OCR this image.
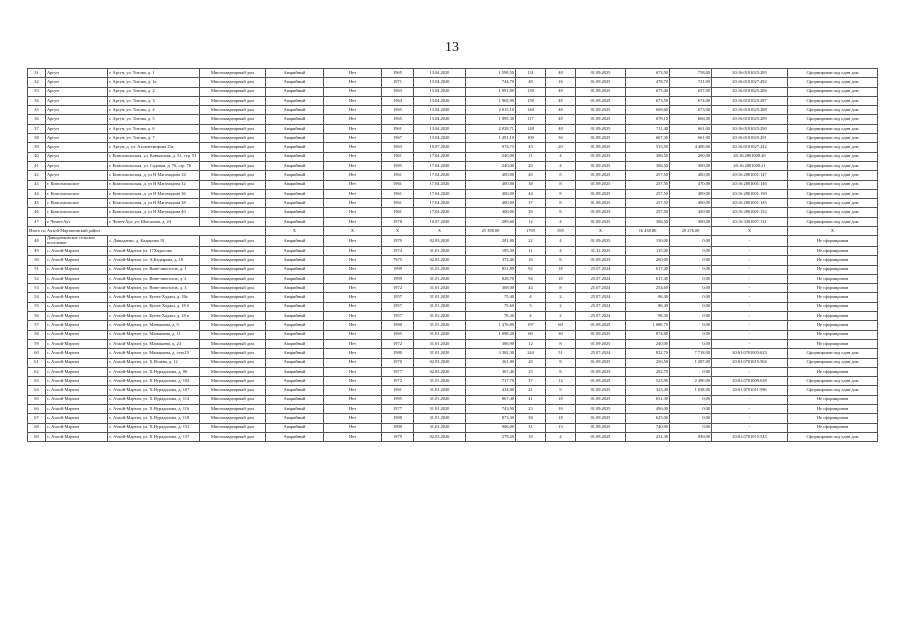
13
31	Аргун	г. Аргун, ул. Титова, д. 1	Многоквартирный дом	Аварийный	Нет	1965	13.04.2020	1 590,50	131	48	01.09.2025	673,50	758,00	20:16:0101025:285	Сформирован под один дом
32	Аргун	г. Аргун, ул. Титова, д. 1а	Многоквартирный дом	Аварийный	Нет	1971	13.04.2020	744,70	48	16	01.09.2025	478,70	721,00	20:16:0101027:492	Сформирован под один дом
33	Аргун	г. Аргун, ул. Титова, д. 2	Многоквартирный дом	Аварийный	Нет	1963	13.04.2020	1 991,80	130	48	01.09.2025	675,40	657,00	20:16:0101025:286	Сформирован под один дом
34	Аргун	г. Аргун, ул. Титова, д. 3	Многоквартирный дом	Аварийный	Нет	1964	13.04.2020	1 965,90	158	48	01.09.2025	673,50	674,00	20:16:0101025:287	Сформирован под один дом
35	Аргун	г. Аргун, ул. Титова, д. 4	Многоквартирный дом	Аварийный	Нет	1965	13.04.2020	2 015,10	140	48	01.09.2025	669,60	673,00	20:16:0101025:288	Сформирован под один дом
36	Аргун	г. Аргун, ул. Титова, д. 5	Многоквартирный дом	Аварийный	Нет	1965	13.04.2020	1 895,30	117	48	01.09.2025	678,10	666,00	20:16:0101025:289	Сформирован под один дом
37	Аргун	г. Аргун, ул. Титова, д. 6	Многоквартирный дом	Аварийный	Нет	1961	13.04.2020	2 029,71	148	48	01.09.2025	711,40	661,00	20:16:0101025:290	Сформирован под один дом
38	Аргун	г. Аргун, ул. Титова, д. 7	Многоквартирный дом	Аварийный	Нет	1967	13.04.2020	1 491,10	109	36	01.09.2025	667,30	661,00	20:16:0101025:291	Сформирован под один дом
39	Аргун	г. Аргун, д. ул. Ахсаитемирова 23е	Многоквартирный дом	Аварийный	Нет	1963	10.07.2020	974,73	45	20	01.09.2025	515,50	4 400,00	20:16:0101027:242	Сформирован под один дом
40	Аргун	г. Комсомольская, ул. Кавказская, д. 51, стр. 51	Многоквартирный дом	Аварийный	Нет	1961	17.04.2020	240,00	11	4	01.09.2025	306,50	200,00	20:16:2801008:20	Сформирован под один дом
41	Аргун	г. Комсомольская, ул. Садовая, д. 76, стр. 76	Многоквартирный дом	Аварийный	Нет	1985	17.04.2020	240,00	20	4	01.09.2025	306,50	300,00	20:16:2801008:21	Сформирован под один дом
42	Аргун	г. Комсомольская, д. ул Н Магомадова 34	Многоквартирный дом	Аварийный	Нет	1961	17.04.2020	400,00	40	8	01.09.2025	257,50	400,00	20:16:2801001:147	Сформирован под один дом
43	г. Комсомольское	г. Комсомольская, д. ул Н Магомадова 32	Многоквартирный дом	Аварийный	Нет	1961	17.04.2020	400,00	38	8	01.09.2025	257,50	470,00	20:16:2801001:146	Сформирован под один дом
44	г. Комсомольское	г. Комсомольская, д. ул Н Магомадова 36	Многоквартирный дом	Аварийный	Нет	1961	17.04.2020	400,00	44	8	01.09.2025	257,50	400,00	20:16:2801001:150	Сформирован под один дом
45	г. Комсомольское	г. Комсомольская, д. ул Н Магомадова 38	Многоквартирный дом	Аварийный	Нет	1961	17.04.2020	400,00	37	8	01.09.2025	257,50	400,00	20:16:2801001:145	Сформирован под один дом
46	г. Комсомольское	г. Комсомольская, д. ул Н Магомадова 40	Многоквартирный дом	Аварийный	Нет	1961	17.04.2020	400,00	39	8	01.09.2025	257,50	450,00	20:16:2801001:152	Сформирован под один дом
47	г. Чечен-Аул	г. Чечен-Аул, ул. Школьная, д. 24	Многоквартирный дом	Аварийный	Нет	1978	10.07.2020	289,60	12	4	01.09.2025	306,50	300,00	20:16:3301007:131	Сформирован под один дом
Итого по Ачхой-Мартановский район				X	X	X	X	25 398,00	1705	595	X	16 438,80	20 276,00	X	X
48	Давыденковское сельское поселение	с. Давыденко, д. Кадырова 19	Многоквартирный дом	Аварийный	Нет	1979	02.03.2020	281,80	22	4	01.09.2025	150,00	0,00	-	Не сформирован
49	с. Ачхой-Мартан	с. Ачхой-Мартан, ул. 17Хадисова	Многоквартирный дом	Аварийный	Нет	1974	31.01.2020	185,30	11	4	31.12.2025	115,00	0,00	-	Не сформирован
50	с. Ачхой-Мартан	с. Ачхой-Мартан, ул. А.Кадырова, д. 18	Многоквартирный дом	Аварийный	Нет	7975	02.03.2020	372,40	16	8	01.09.2025	260,00	0,00	-	Не сформирован
51	с. Ачхой-Мартан	с. Ачхой-Мартан, ул. Вине-иноголов, д. 1	Многоквартирный дом	Аварийный	Нет	1999	31.01.2020	831,80	92	18	25.07.2024	617,40	0,00	-	Не сформирован
52	с. Ачхой-Мартан	с. Ачхой-Мартан, ул. Вине-иноголов, д. 2	Многоквартирный дом	Аварийный	Нет	1999	31.01.2020	828,70	94	18	25.07.2024	617,40	0,00	-	Не сформирован
53	с. Ачхой-Мартан	с. Ачхой-Мартан, ул. Вине-иноголов, д. 3	Многоквартирный дом	Аварийный	Нет	1972	31.01.2020	308,00	44	8	25.07.2024	254,60	0,00	-	Не сформирован
54	с. Ачхой-Мартан	с. Ачхой-Мартан, ул. Кунта-Хаджи, д. 18а	Многоквартирный дом	Аварийный	Нет	1957	31.01.2020	75,40	4	2	25.07.2024	86,40	0,00	-	Не сформирован
55	с. Ачхой-Мартан	с. Ачхой-Мартан, ул. Кунта-Хаджи, д. 18 б	Многоквартирный дом	Аварийный	Нет	1957	31.01.2020	75,60	3	2	25.07.2024	86,40	0,00	-	Не сформирован
56	с. Ачхой-Мартан	с. Ачхой-Мартан, ул. Кунта-Хаджи, д. 18 в	Многоквартирный дом	Аварийный	Нет	1957	31.01.2020	76,30	4	2	25.07.2024	98,30	0,00	-	Не сформирован
57	с. Ачхой-Мартан	с. Ачхой-Мартан, ул. Мамакаева, д. 9	Многоквартирный дом	Аварийный	Нет	1980	31.01.2020	1 476,80	197	60	01.09.2025	1 080,70	0,00	-	Не сформирован
58	с. Ачхой-Мартан	с. Ачхой-Мартан, ул. Мамакаева, д. 11	Многоквартирный дом	Аварийный	Нет	1965	31.01.2020	1 098,20	60	30	01.09.2025	874,60	0,00	-	Не сформирован
59	с. Ачхой-Мартан	с. Ачхой-Мартан, ул. Мамакаева, д. 24	Многоквартирный дом	Аварийный	Нет	1972	31.01.2020	386,90	12	8	01.09.2025	240,00	0,00	-	Не сформирован
60	с. Ачхой-Мартан	с. Ачхой-Мартан, ул. Мамакаева, д. сеть19	Многоквартирный дом	Аварийный	Нет	1980	31.01.2020	3 302,30	244	51	25.07.2024	822,70	7 718,00	20:01:0701003:623	Сформирован под один дом
61	с. Ачхой-Мартан	с. Ачхой-Мартан, ул. Х.Исаева, д. 12	Многоквартирный дом	Аварийный	Нет	1970	02.03.2020	361,80	20	8	01.09.2025	256,50	1 287,00	20:01:0701015:504	Сформирован под один дом
62	с. Ачхой-Мартан	с. Ачхой-Мартан, ул. Х.Нурадилова, д. 86	Многоквартирный дом	Аварийный	Нет	1977	02.03.2020	367,40	15	8	01.09.2025	202,70	0,00	-	Не сформирован
63	с. Ачхой-Мартан	с. Ачхой-Мартан, ул. Х.Нурадилова, д. 104	Многоквартирный дом	Аварийный	Нет	1972	31.01.2020	717,70	37	14	01.09.2025	525,90	2 490,00	20:01:0701009:638	Сформирован под один дом
64	с. Ачхой-Мартан	с. Ачхой-Мартан, ул. Х.Нурадилова, д. 107	Многоквартирный дом	Аварийный	Нет	1961	31.01.2020	434,00	21	9	01.09.2025	323,40	1 038,00	20:01:0701011:596	Сформирован под один дом
65	с. Ачхой-Мартан	с. Ачхой-Мартан, ул. Х.Нурадилова, д. 114	Многоквартирный дом	Аварийный	Нет	1985	31.01.2020	867,40	41	18	01.09.2025	631,30	0,00	-	Не сформирован
66	с. Ачхой-Мартан	с. Ачхой-Мартан, ул. Х.Нурадилова, д. 116	Многоквартирный дом	Аварийный	Нет	1977	31.01.2020	743,90	23	16	01.09.2025	496,00	0,00	-	Не сформирован
67	с. Ачхой-Мартан	с. Ачхой-Мартан, ул. Х.Нурадилова, д. 118	Многоквартирный дом	Аварийный	Нет	1988	31.01.2020	873,30	38	18	01.09.2025	625,00	0,00	-	Не сформирован
68	с. Ачхой-Мартан	с. Ачхой-Мартан, ул. Х.Нурадилова, д. 131	Многоквартирный дом	Аварийный	Нет	1990	31.01.2020	906,00	31	13	01.09.2025	740,00	0,00	-	Не сформирован
69	с. Ачхой-Мартан	с. Ачхой-Мартан, ул. Х.Нурадилова, д. 137	Многоквартирный дом	Аварийный	Нет	1979	02.03.2020	279,20	10	4	01.09.2025	231,30	849,00	20:01:0701015:545	Сформирован под один дом
